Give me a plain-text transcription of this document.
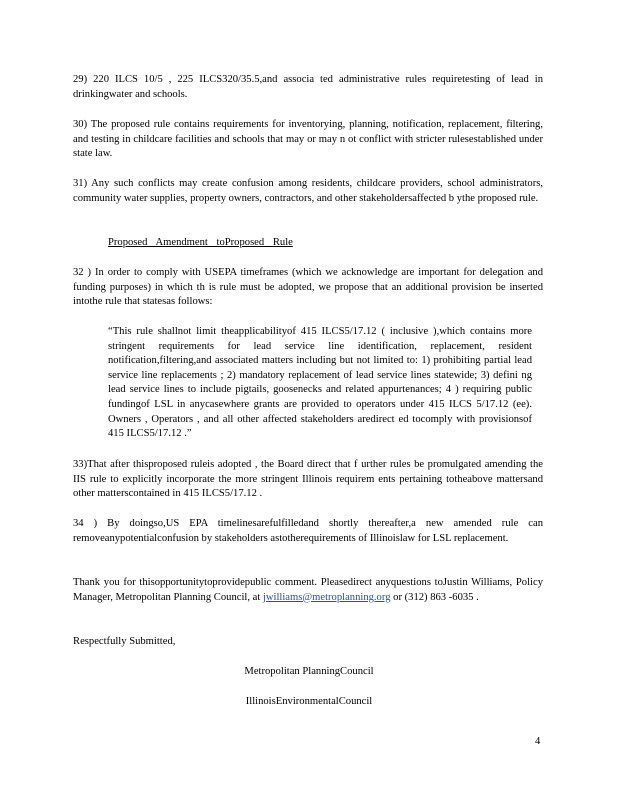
29) 220 ILCS 10/5 , 225 ILCS320/35.5,and associa ted administrative rules requiretesting of lead in drinkingwater and schools.

30) The proposed rule contains requirements for inventorying, planning, notification, replacement, filtering, and testing in childcare facilities and schools that may or may n ot conflict with stricter rulesestablished under state law.

31) Any such conflicts may create confusion among residents, childcare providers, school administrators, community water supplies, property owners, contractors, and other stakeholdersaffected b ythe proposed rule.

Proposed Amendment toProposed Rule

32 ) In order to comply with USEPA timeframes (which we acknowledge are important for delegation and funding purposes) in which th is rule must be adopted, we propose that an additional provision be inserted intothe rule that statesas follows:

“This rule shallnot limit theapplicabilityof 415 ILCS5/17.12 ( inclusive ),which contains more stringent requirements for lead service line identification, replacement, resident notification,filtering,and associated matters including but not limited to: 1) prohibiting partial lead service line replacements ; 2) mandatory replacement of lead service lines statewide; 3) defini ng lead service lines to include pigtails, goosenecks and related appurtenances; 4 ) requiring public fundingof LSL in anycasewhere grants are provided to operators under 415 ILCS 5/17.12 (ee). Owners , Operators , and all other affected stakeholders aredirect ed tocomply with provisionsof 415 ILCS5/17.12 .”

33)That after thisproposed ruleis adopted , the Board direct that f urther rules be promulgated amending the IIS rule to explicitly incorporate the more stringent Illinois requirem ents pertaining totheabove mattersand other matterscontained in 415 ILCS5/17.12 .

34 ) By doingso,US EPA timelinesarefulfilledand shortly thereafter,a new amended rule can removeanypotentialconfusion by stakeholders astotherequirements of Illinoislaw for LSL replacement.

Thank you for thisopportunitytoprovidepublic comment. Pleasedirect anyquestions toJustin Williams, Policy Manager, Metropolitan Planning Council, at jwilliams@metroplanning.org or (312) 863 -6035 .

Respectfully Submitted,

Metropolitan PlanningCouncil

IllinoisEnvironmentalCouncil

4
